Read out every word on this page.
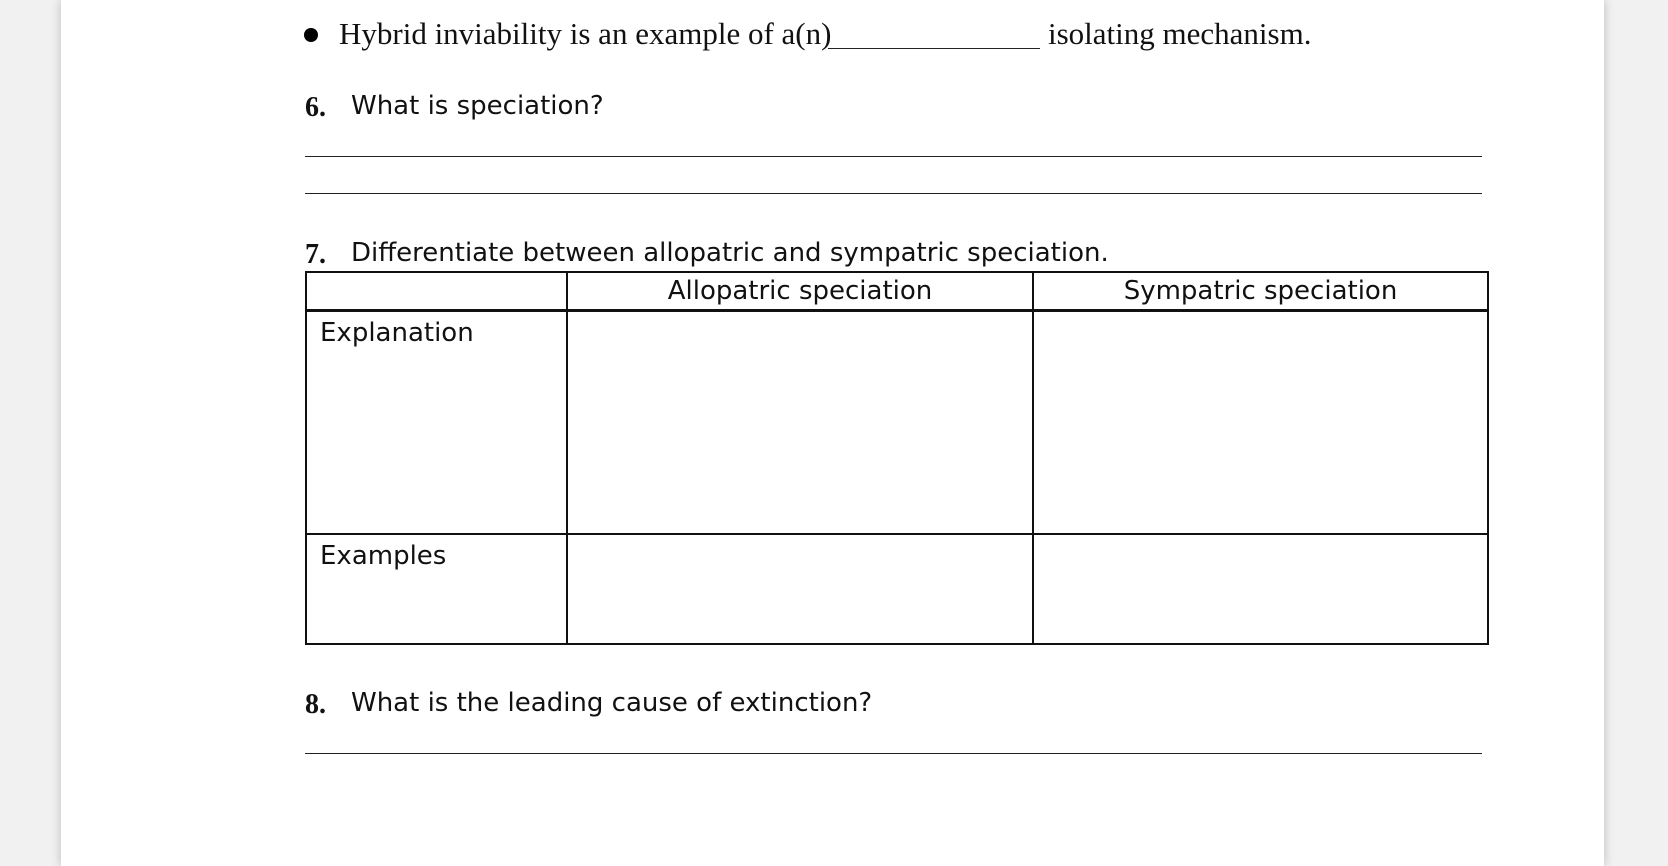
Hybrid inviability is an example of a(n)	isolating mechanism.
6. What is speciation?
7. Differentiate between allopatric and sympatric speciation.
	Allopatric speciation	Sympatric speciation
Explanation		
Examples		
8. What is the leading cause of extinction?
